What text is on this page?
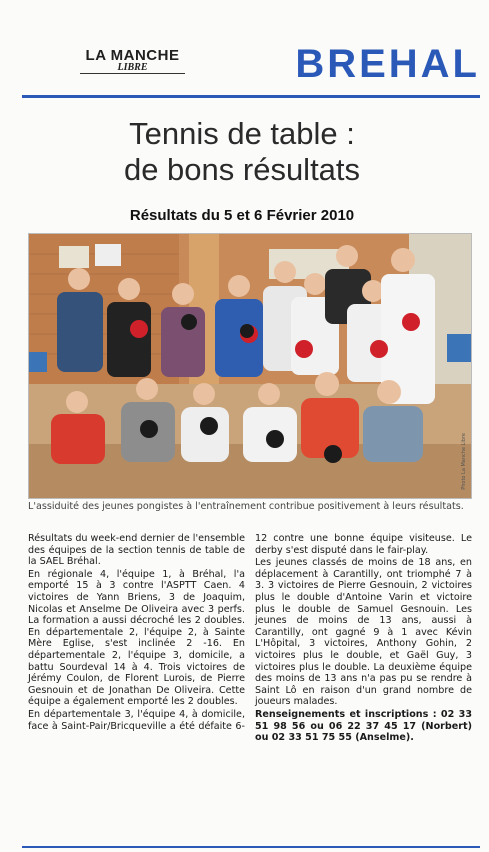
LA MANCHE
LIBRE	BREHAL
Tennis de table :
de bons résultats
Résultats du 5 et 6 Février 2010
Photo La Manche Libre
L'assiduité des jeunes pongistes à l'entraînement contribue positivement à leurs résultats.

Résultats du week-end dernier de l'ensemble des équipes de la section tennis de table de la SAEL Bréhal.

En régionale 4, l'équipe 1, à Bréhal, l'a emporté 15 à 3 contre l'ASPTT Caen. 4 victoires de Yann Briens, 3 de Joaquim, Nicolas et Anselme De Oliveira avec 3 perfs. La formation a aussi décroché les 2 doubles. En départementale 2, l'équipe 2, à Sainte Mère Eglise, s'est inclinée 2 -16. En départementale 2, l'équipe 3, domicile, a battu Sourdeval 14 à 4. Trois victoires de Jérémy Coulon, de Florent Lurois, de Pierre Gesnouin et de Jonathan De Oliveira. Cette équipe a également emporté les 2 doubles.

En départementale 3, l'équipe 4, à domicile, face à Saint-Pair/Bricqueville a été défaite 6-12 contre une bonne équipe visiteuse. Le derby s'est disputé dans le fair-play.

Les jeunes classés de moins de 18 ans, en déplacement à Carantilly, ont triomphé 7 à 3. 3 victoires de Pierre Gesnouin, 2 victoires plus le double d'Antoine Varin et victoire plus le double de Samuel Gesnouin. Les jeunes de moins de 13 ans, aussi à Carantilly, ont gagné 9 à 1 avec Kévin L'Hôpital, 3 victoires, Anthony Gohin, 2 victoires plus le double, et Gaël Guy, 3 victoires plus le double. La deuxième équipe des moins de 13 ans n'a pas pu se rendre à Saint Lô en raison d'un grand nombre de joueurs malades.

Renseignements et inscriptions : 02 33 51 98 56 ou 06 22 37 45 17 (Norbert) ou 02 33 51 75 55 (Anselme).
